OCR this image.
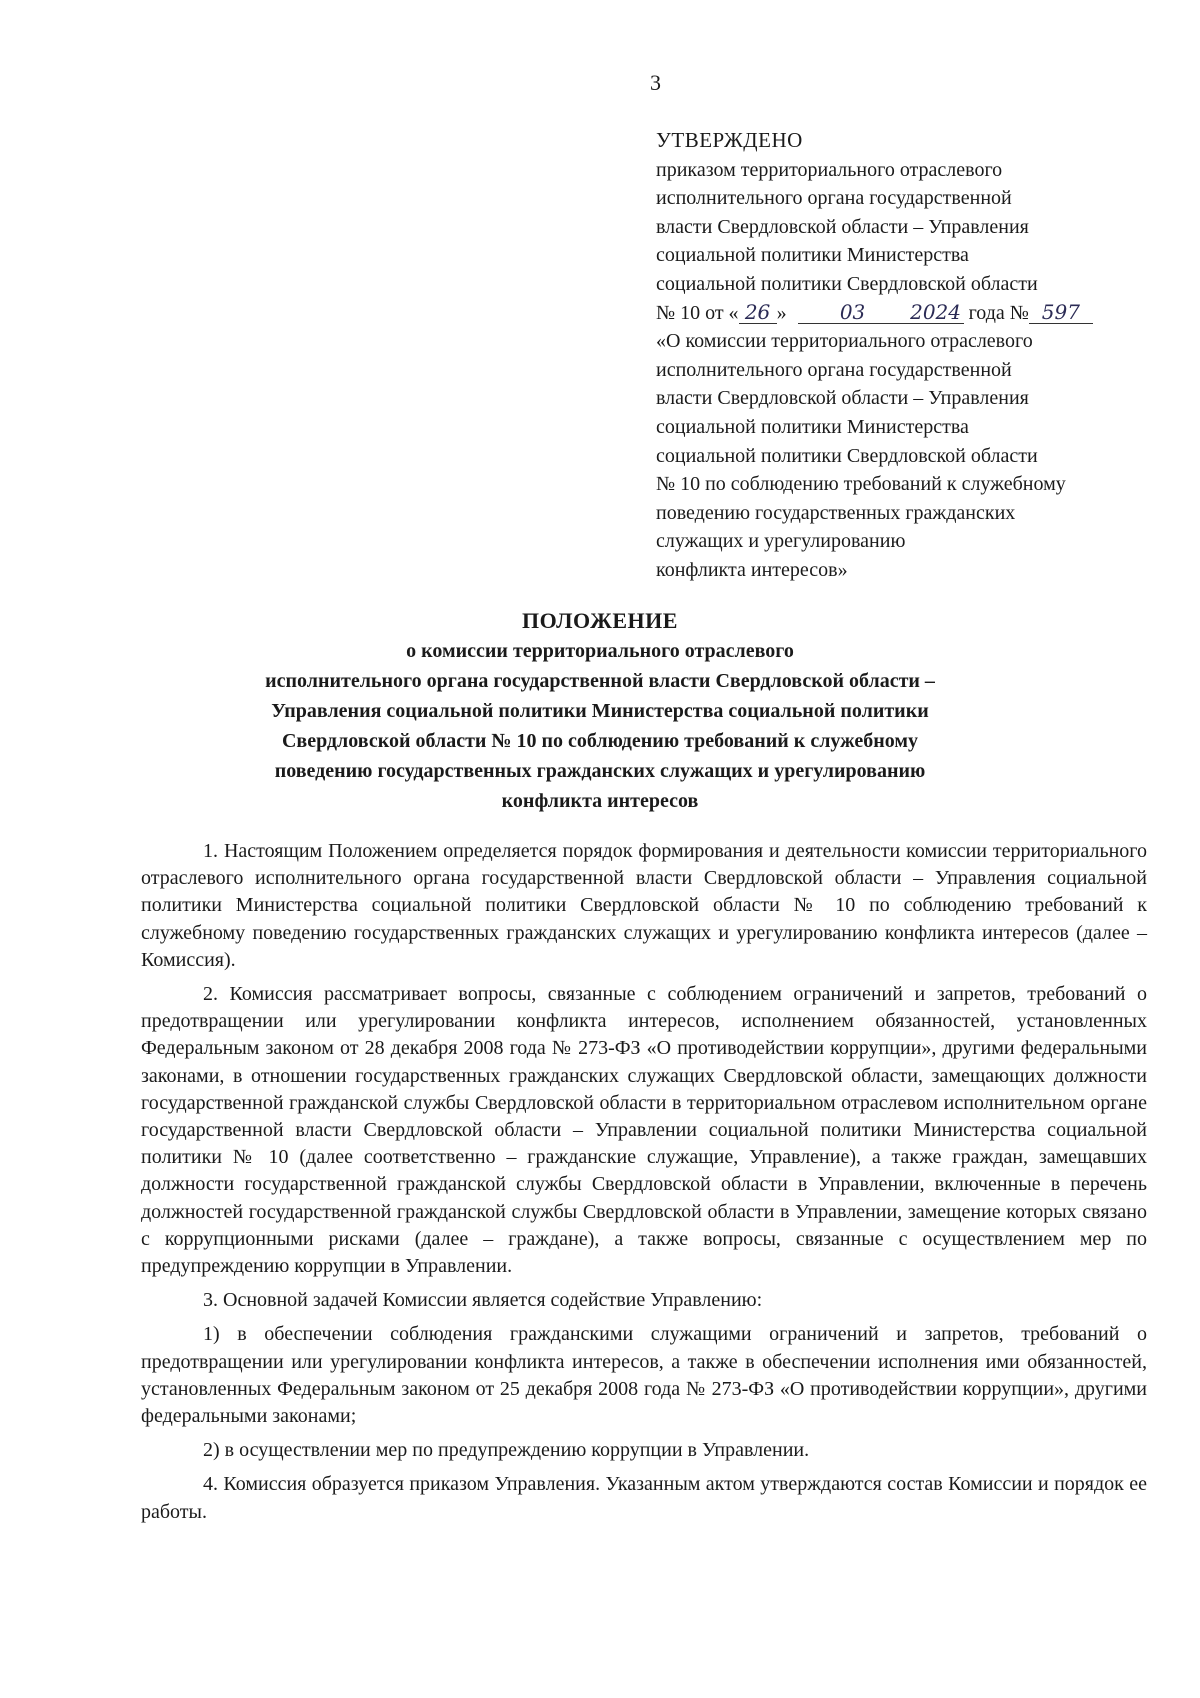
3
УТВЕРЖДЕНО
приказом территориального отраслевого
исполнительного органа государственной
власти Свердловской области – Управления
социальной политики Министерства
социальной политики Свердловской области
№ 10 от « 26 »	03 2024 года № 597
«О комиссии территориального отраслевого
исполнительного органа государственной
власти Свердловской области – Управления
социальной политики Министерства
социальной политики Свердловской области
№ 10 по соблюдению требований к служебному
поведению государственных гражданских
служащих и урегулированию
конфликта интересов»
ПОЛОЖЕНИЕ
о комиссии территориального отраслевого
исполнительного органа государственной власти Свердловской области –
Управления социальной политики Министерства социальной политики
Свердловской области № 10 по соблюдению требований к служебному
поведению государственных гражданских служащих и урегулированию
конфликта интересов

1. Настоящим Положением определяется порядок формирования и деятельности комиссии территориального отраслевого исполнительного органа государственной власти Свердловской области – Управления социальной политики Министерства социальной политики Свердловской области № 10 по соблюдению требований к служебному поведению государственных гражданских служащих и урегулированию конфликта интересов (далее – Комиссия).

2. Комиссия рассматривает вопросы, связанные с соблюдением ограничений и запретов, требований о предотвращении или урегулировании конфликта интересов, исполнением обязанностей, установленных Федеральным законом от 28 декабря 2008 года № 273-ФЗ «О противодействии коррупции», другими федеральными законами, в отношении государственных гражданских служащих Свердловской области, замещающих должности государственной гражданской службы Свердловской области в территориальном отраслевом исполнительном органе государственной власти Свердловской области – Управлении социальной политики Министерства социальной политики № 10 (далее соответственно – гражданские служащие, Управление), а также граждан, замещавших должности государственной гражданской службы Свердловской области в Управлении, включенные в перечень должностей государственной гражданской службы Свердловской области в Управлении, замещение которых связано с коррупционными рисками (далее – граждане), а также вопросы, связанные с осуществлением мер по предупреждению коррупции в Управлении.

3. Основной задачей Комиссии является содействие Управлению:

1) в обеспечении соблюдения гражданскими служащими ограничений и запретов, требований о предотвращении или урегулировании конфликта интересов, а также в обеспечении исполнения ими обязанностей, установленных Федеральным законом от 25 декабря 2008 года № 273-ФЗ «О противодействии коррупции», другими федеральными законами;

2) в осуществлении мер по предупреждению коррупции в Управлении.

4. Комиссия образуется приказом Управления. Указанным актом утверждаются состав Комиссии и порядок ее работы.
